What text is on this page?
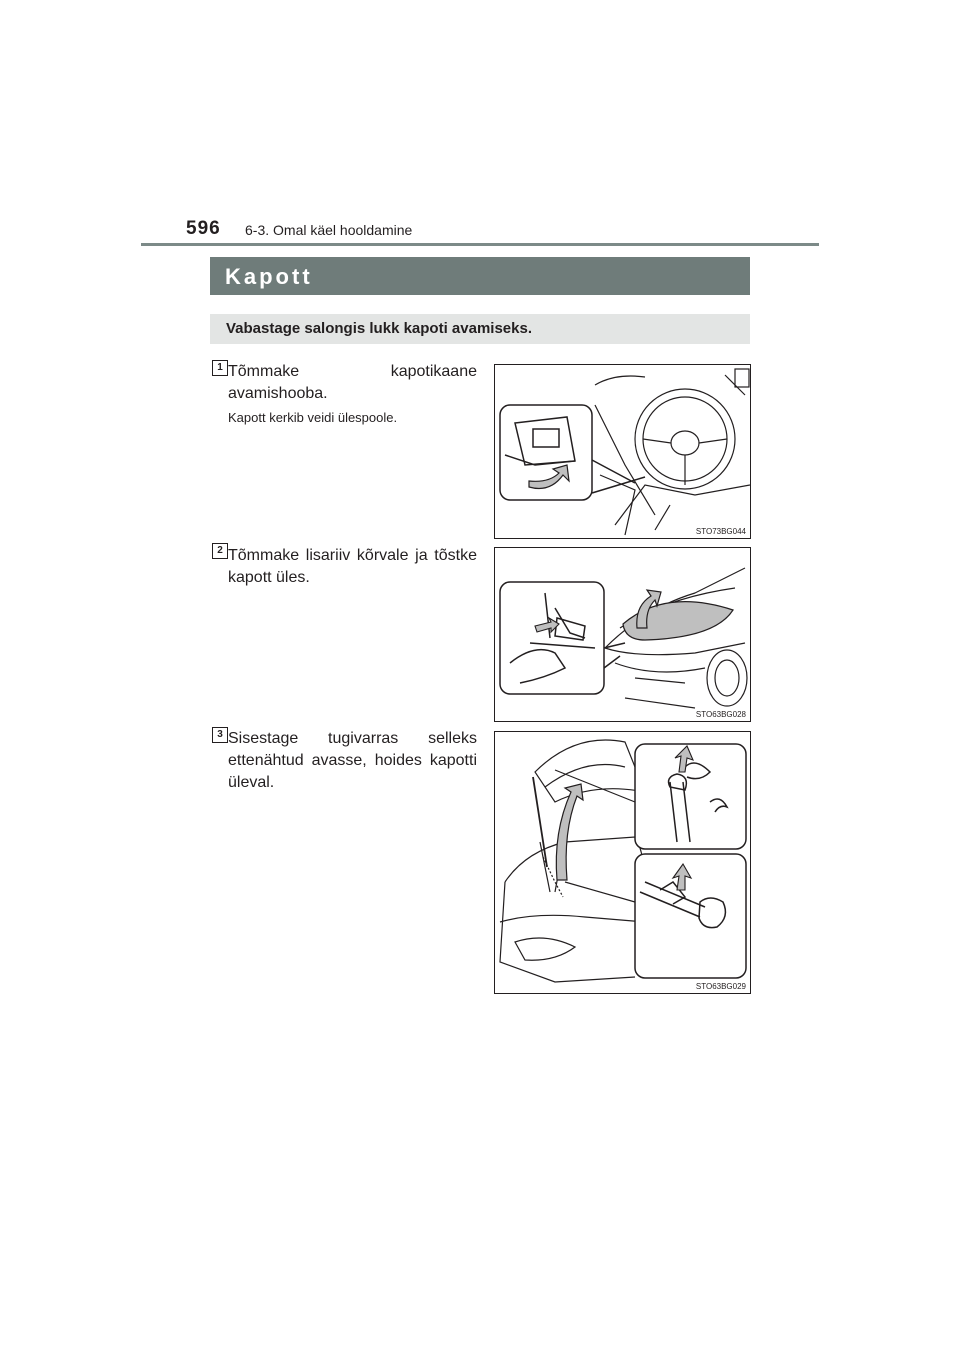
596 6-3. Omal käel hooldamine
Kapott
Vabastage salongis lukk kapoti avamiseks.
1 Tõmmake kapotikaane avamishooba.
Kapott kerkib veidi ülespoole.
STO73BG044
2 Tõmmake lisariiv kõrvale ja tõstke kapott üles.
STO63BG028
3 Sisestage tugivarras selleks ettenähtud avasse, hoides kapotti üleval.
STO63BG029
